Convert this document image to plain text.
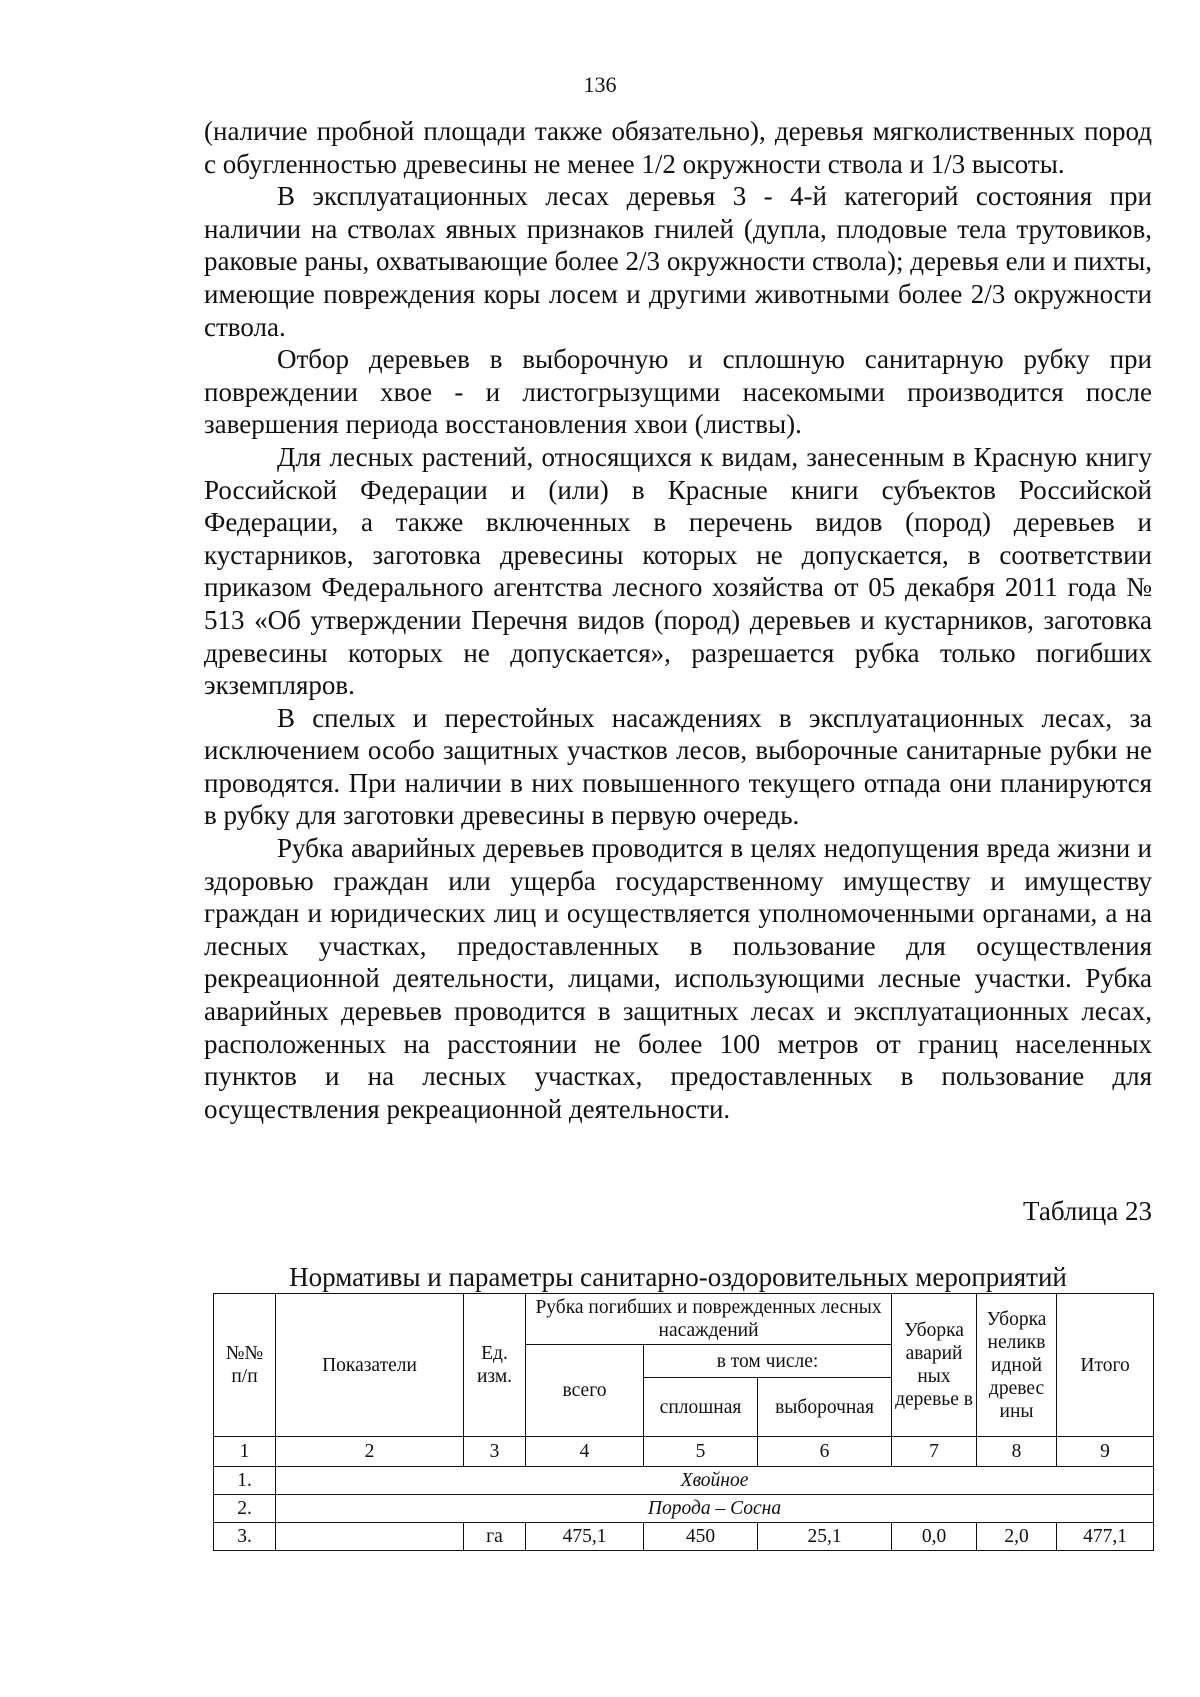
136

(наличие пробной площади также обязательно), деревья мягколиственных пород с обугленностью древесины не менее 1/2 окружности ствола и 1/3 высоты.

В эксплуатационных лесах деревья 3 - 4-й категорий состояния при наличии на стволах явных признаков гнилей (дупла, плодовые тела трутовиков, раковые раны, охватывающие более 2/3 окружности ствола); деревья ели и пихты, имеющие повреждения коры лосем и другими животными более 2/3 окружности ствола.

Отбор деревьев в выборочную и сплошную санитарную рубку при повреждении хвое - и листогрызущими насекомыми производится после завершения периода восстановления хвои (листвы).

Для лесных растений, относящихся к видам, занесенным в Красную книгу Российской Федерации и (или) в Красные книги субъектов Российской Федерации, а также включенных в перечень видов (пород) деревьев и кустарников, заготовка древесины которых не допускается, в соответствии приказом Федерального агентства лесного хозяйства от 05 декабря 2011 года № 513 «Об утверждении Перечня видов (пород) деревьев и кустарников, заготовка древесины которых не допускается», разрешается рубка только погибших экземпляров.

В спелых и перестойных насаждениях в эксплуатационных лесах, за исключением особо защитных участков лесов, выборочные санитарные рубки не проводятся. При наличии в них повышенного текущего отпада они планируются в рубку для заготовки древесины в первую очередь.

Рубка аварийных деревьев проводится в целях недопущения вреда жизни и здоровью граждан или ущерба государственному имуществу и имуществу граждан и юридических лиц и осуществляется уполномоченными органами, а на лесных участках, предоставленных в пользование для осуществления рекреационной деятельности, лицами, использующими лесные участки. Рубка аварийных деревьев проводится в защитных лесах и эксплуатационных лесах, расположенных на расстоянии не более 100 метров от границ населенных пунктов и на лесных участках, предоставленных в пользование для осуществления рекреационной деятельности.

Таблица 23
Нормативы и параметры санитарно-оздоровительных мероприятий
№№ п/п	Показатели	Ед. изм.	Рубка погибших и поврежденных лесных насаждений			Уборка аварий ных деревье в	Уборка неликв идной древес ины	Итого
			всего	в том числе:				
				сплошная	выборочная			
1	2	3	4	5	6	7	8	9
1.	Хвойное							
2.	Порода – Сосна							
3.		га	475,1	450	25,1	0,0	2,0	477,1
